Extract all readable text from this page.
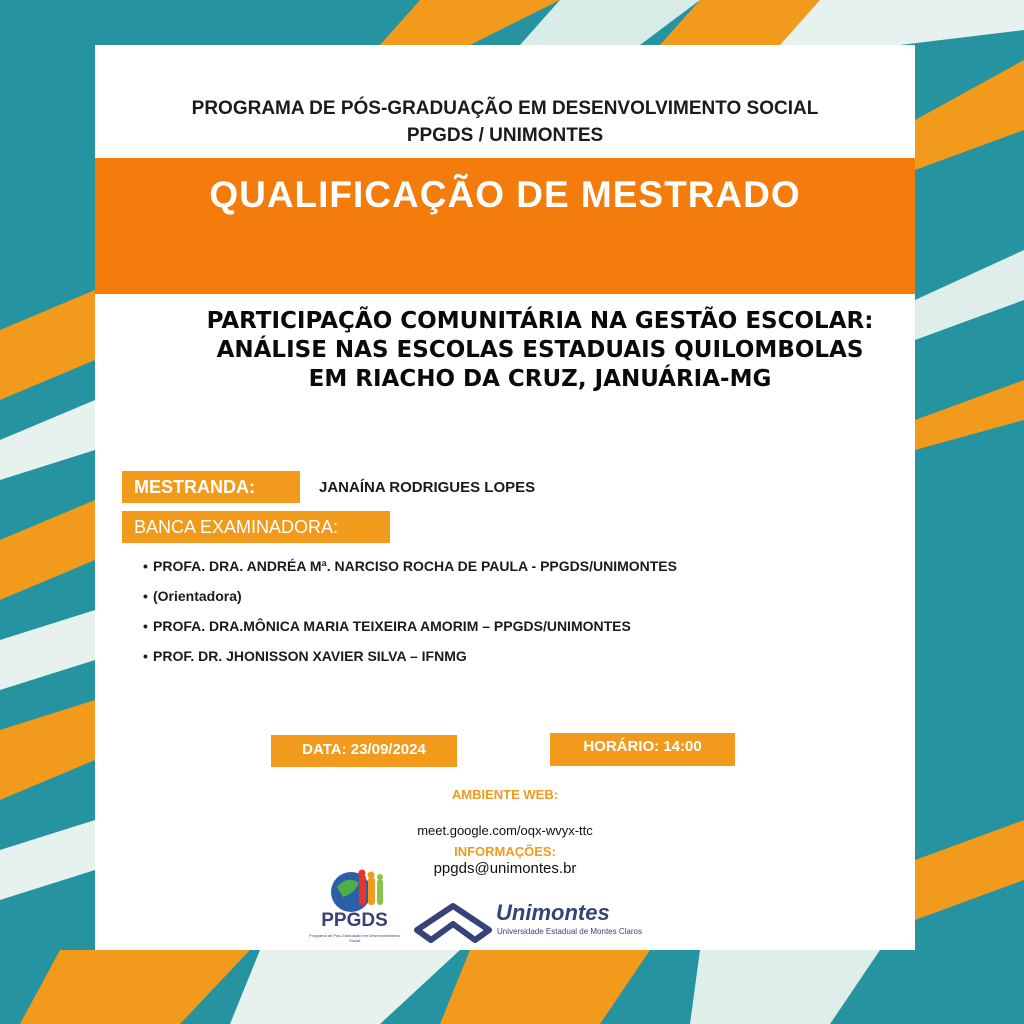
PROGRAMA DE PÓS-GRADUAÇÃO EM DESENVOLVIMENTO SOCIAL
PPGDS / UNIMONTES
QUALIFICAÇÃO DE MESTRADO
PARTICIPAÇÃO COMUNITÁRIA NA GESTÃO ESCOLAR: ANÁLISE NAS ESCOLAS ESTADUAIS QUILOMBOLAS EM RIACHO DA CRUZ, JANUÁRIA-MG
MESTRANDA:	JANAÍNA RODRIGUES LOPES
BANCA EXAMINADORA:
• PROFA. DRA. ANDRÉA Mª. NARCISO ROCHA DE PAULA - PPGDS/UNIMONTES
• (Orientadora)
• PROFA. DRA.MÔNICA MARIA TEIXEIRA AMORIM – PPGDS/UNIMONTES
• PROF. DR. JHONISSON XAVIER SILVA – IFNMG
DATA: 23/09/2024	HORÁRIO: 14:00
AMBIENTE WEB:
meet.google.com/oqx-wvyx-ttc
INFORMAÇÕES:
ppgds@unimontes.br
PPGDS
Programa de Pós-Graduação em Desenvolvimento Social
Unimontes
Universidade Estadual de Montes Claros
